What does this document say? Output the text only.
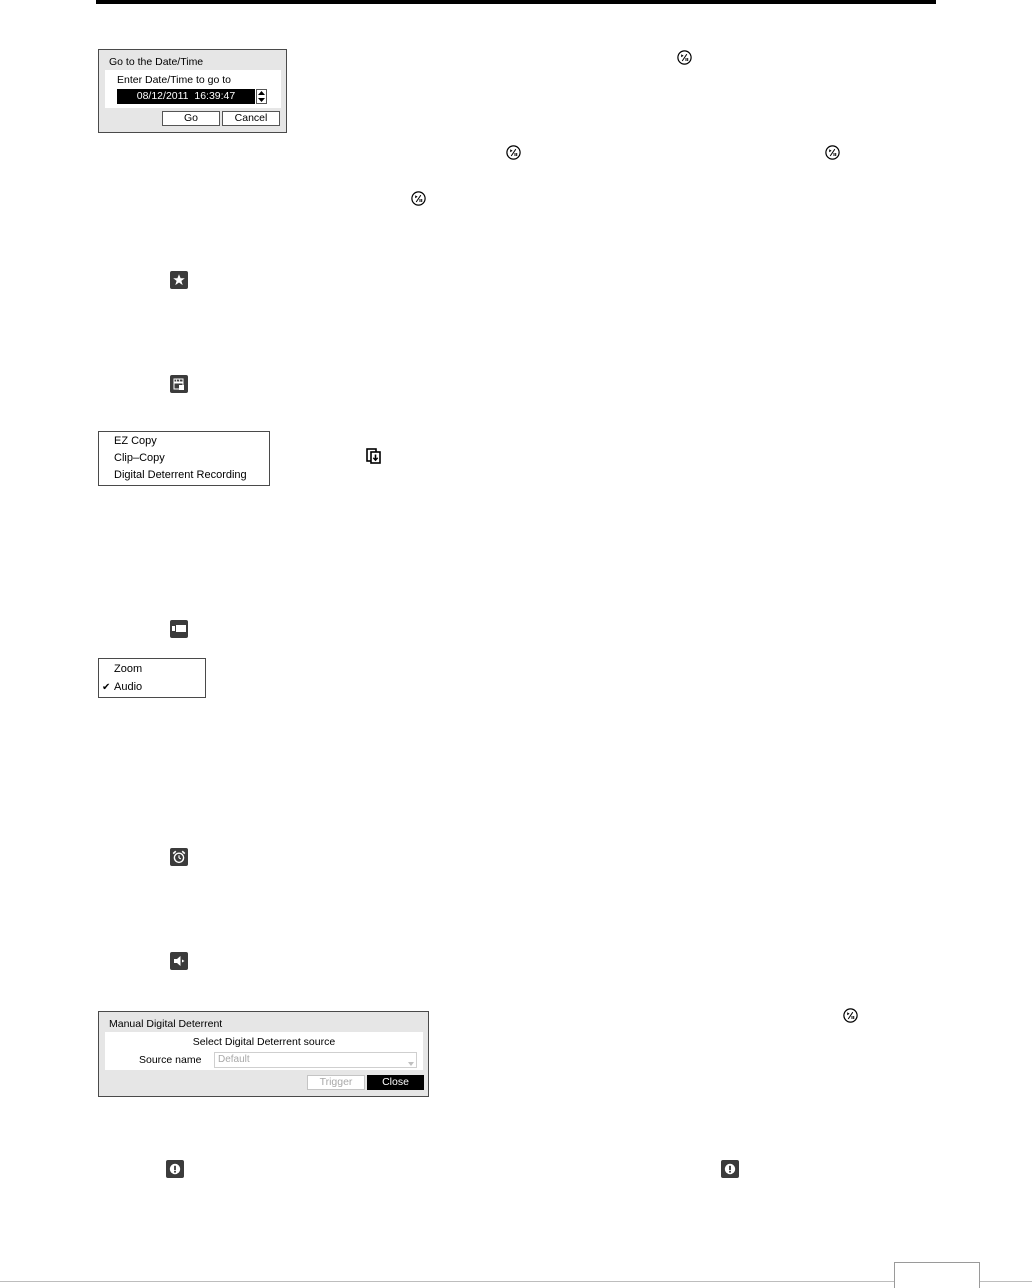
Go to the Date/Time
Enter Date/Time to go to
08/12/2011  16:39:47
Go	Cancel
EZ Copy
Clip–Copy
Digital Deterrent Recording
Zoom
✔ Audio
Manual Digital Deterrent
Select Digital Deterrent source
Source name Default
Trigger	Close
